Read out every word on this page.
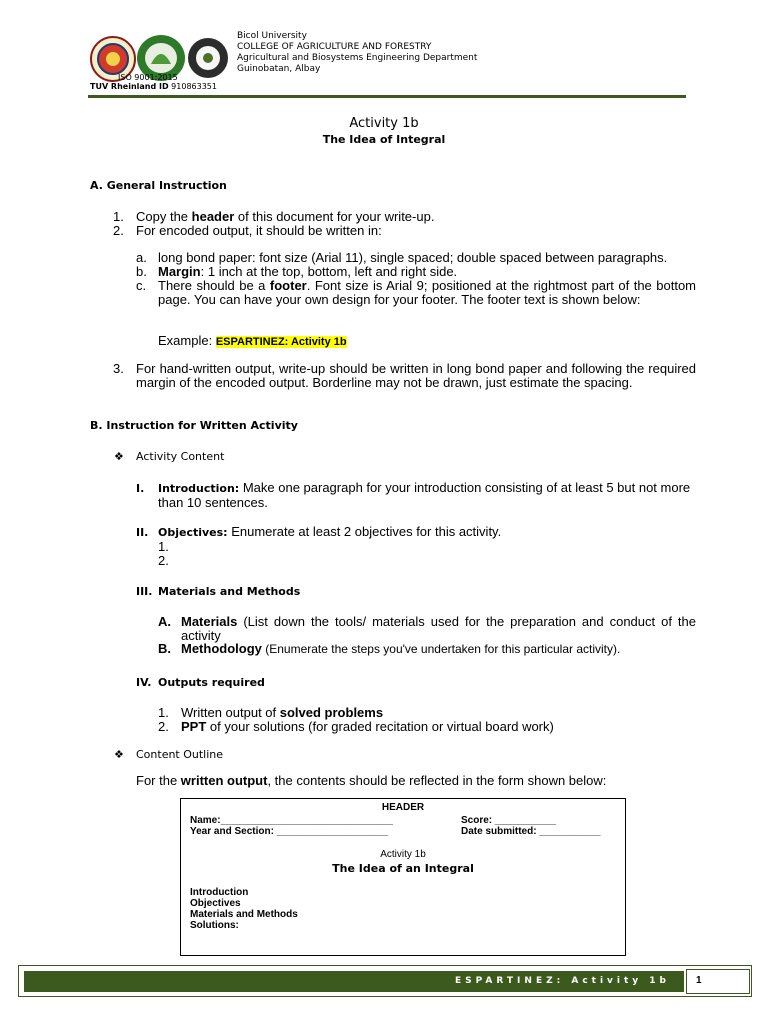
ISO 9001:2015
TUV Rheinland ID 910863351
Bicol University
COLLEGE OF AGRICULTURE AND FORESTRY
Agricultural and Biosystems Engineering Department
Guinobatan, Albay
Activity 1b
The Idea of Integral
A. General Instruction
1. Copy the header of this document for your write-up.
2. For encoded output, it should be written in:
a. long bond paper: font size (Arial 11), single spaced; double spaced between paragraphs.
b. Margin: 1 inch at the top, bottom, left and right side.
c. There should be a footer. Font size is Arial 9; positioned at the rightmost part of the bottom page. You can have your own design for your footer. The footer text is shown below:
Example: ESPARTINEZ: Activity 1b
3. For hand-written output, write-up should be written in long bond paper and following the required margin of the encoded output. Borderline may not be drawn, just estimate the spacing.
B. Instruction for Written Activity
❖ Activity Content
I. Introduction: Make one paragraph for your introduction consisting of at least 5 but not more than 10 sentences.
II. Objectives: Enumerate at least 2 objectives for this activity.
1.
2.
III. Materials and Methods
A. Materials (List down the tools/ materials used for the preparation and conduct of the activity
B. Methodology (Enumerate the steps you've undertaken for this particular activity).
IV. Outputs required
1. Written output of solved problems
2. PPT of your solutions (for graded recitation or virtual board work)
❖ Content Outline
For the written output, the contents should be reflected in the form shown below:
HEADER
Name:_______________________________	Score: ___________
Year and Section: ____________________	Date submitted: ___________
Activity 1b
The Idea of an Integral
Introduction
Objectives
Materials and Methods
Solutions:
ESPARTINEZ: Activity 1b	1
